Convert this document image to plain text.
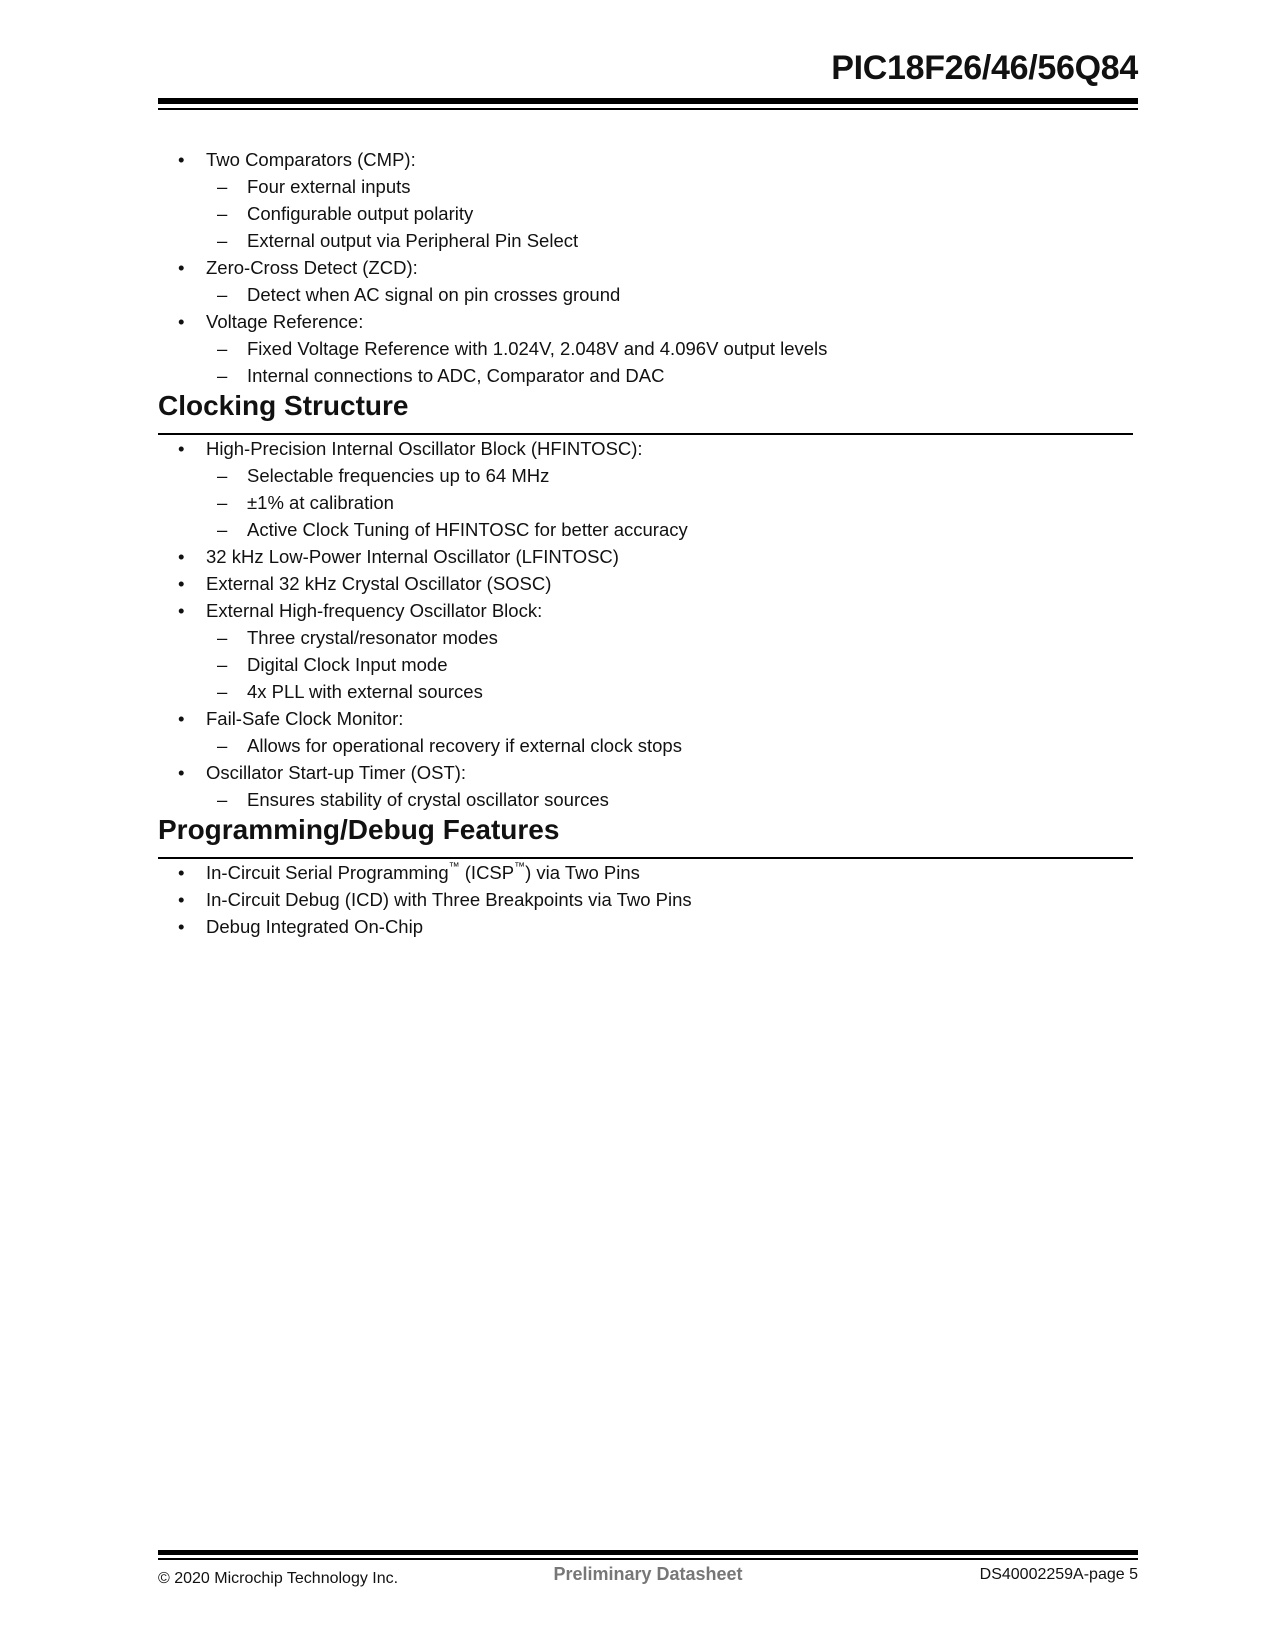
PIC18F26/46/56Q84
• Two Comparators (CMP):
– Four external inputs
– Configurable output polarity
– External output via Peripheral Pin Select
• Zero-Cross Detect (ZCD):
– Detect when AC signal on pin crosses ground
• Voltage Reference:
– Fixed Voltage Reference with 1.024V, 2.048V and 4.096V output levels
– Internal connections to ADC, Comparator and DAC
Clocking Structure
• High-Precision Internal Oscillator Block (HFINTOSC):
– Selectable frequencies up to 64 MHz
– ±1% at calibration
– Active Clock Tuning of HFINTOSC for better accuracy
• 32 kHz Low-Power Internal Oscillator (LFINTOSC)
• External 32 kHz Crystal Oscillator (SOSC)
• External High-frequency Oscillator Block:
– Three crystal/resonator modes
– Digital Clock Input mode
– 4x PLL with external sources
• Fail-Safe Clock Monitor:
– Allows for operational recovery if external clock stops
• Oscillator Start-up Timer (OST):
– Ensures stability of crystal oscillator sources
Programming/Debug Features
• In-Circuit Serial Programming™ (ICSP™) via Two Pins
• In-Circuit Debug (ICD) with Three Breakpoints via Two Pins
• Debug Integrated On-Chip
© 2020 Microchip Technology Inc.	Preliminary Datasheet	DS40002259A-page 5
